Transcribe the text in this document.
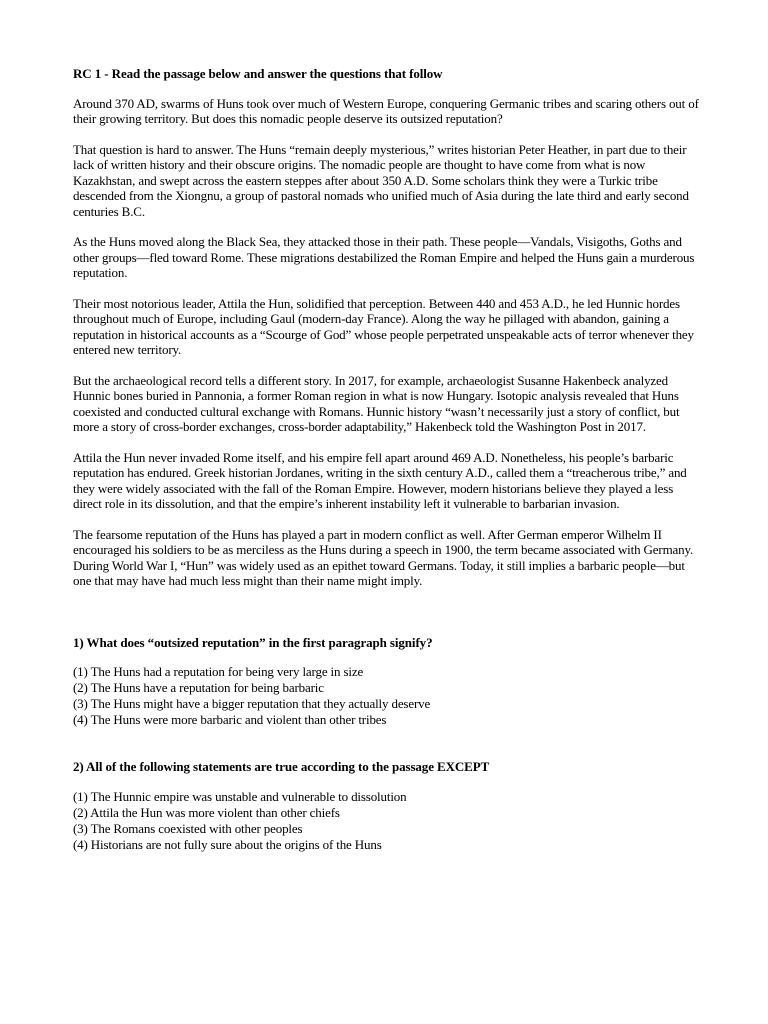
RC 1 - Read the passage below and answer the questions that follow

Around 370 AD, swarms of Huns took over much of Western Europe, conquering Germanic tribes and scaring others out of their growing territory. But does this nomadic people deserve its outsized reputation?

That question is hard to answer. The Huns “remain deeply mysterious,” writes historian Peter Heather, in part due to their lack of written history and their obscure origins. The nomadic people are thought to have come from what is now Kazakhstan, and swept across the eastern steppes after about 350 A.D. Some scholars think they were a Turkic tribe descended from the Xiongnu, a group of pastoral nomads who unified much of Asia during the late third and early second centuries B.C.

As the Huns moved along the Black Sea, they attacked those in their path. These people—Vandals, Visigoths, Goths and other groups—fled toward Rome. These migrations destabilized the Roman Empire and helped the Huns gain a murderous reputation.

Their most notorious leader, Attila the Hun, solidified that perception. Between 440 and 453 A.D., he led Hunnic hordes throughout much of Europe, including Gaul (modern-day France). Along the way he pillaged with abandon, gaining a reputation in historical accounts as a “Scourge of God” whose people perpetrated unspeakable acts of terror whenever they entered new territory.

But the archaeological record tells a different story. In 2017, for example, archaeologist Susanne Hakenbeck analyzed Hunnic bones buried in Pannonia, a former Roman region in what is now Hungary. Isotopic analysis revealed that Huns coexisted and conducted cultural exchange with Romans. Hunnic history “wasn’t necessarily just a story of conflict, but more a story of cross-border exchanges, cross-border adaptability,” Hakenbeck told the Washington Post in 2017.

Attila the Hun never invaded Rome itself, and his empire fell apart around 469 A.D. Nonetheless, his people’s barbaric reputation has endured. Greek historian Jordanes, writing in the sixth century A.D., called them a “treacherous tribe,” and they were widely associated with the fall of the Roman Empire. However, modern historians believe they played a less direct role in its dissolution, and that the empire’s inherent instability left it vulnerable to barbarian invasion.

The fearsome reputation of the Huns has played a part in modern conflict as well. After German emperor Wilhelm II encouraged his soldiers to be as merciless as the Huns during a speech in 1900, the term became associated with Germany. During World War I, “Hun” was widely used as an epithet toward Germans. Today, it still implies a barbaric people—but one that may have had much less might than their name might imply.

1) What does “outsized reputation” in the first paragraph signify?
(1) The Huns had a reputation for being very large in size
(2) The Huns have a reputation for being barbaric
(3) The Huns might have a bigger reputation that they actually deserve
(4) The Huns were more barbaric and violent than other tribes
2) All of the following statements are true according to the passage EXCEPT
(1) The Hunnic empire was unstable and vulnerable to dissolution
(2) Attila the Hun was more violent than other chiefs
(3) The Romans coexisted with other peoples
(4) Historians are not fully sure about the origins of the Huns
